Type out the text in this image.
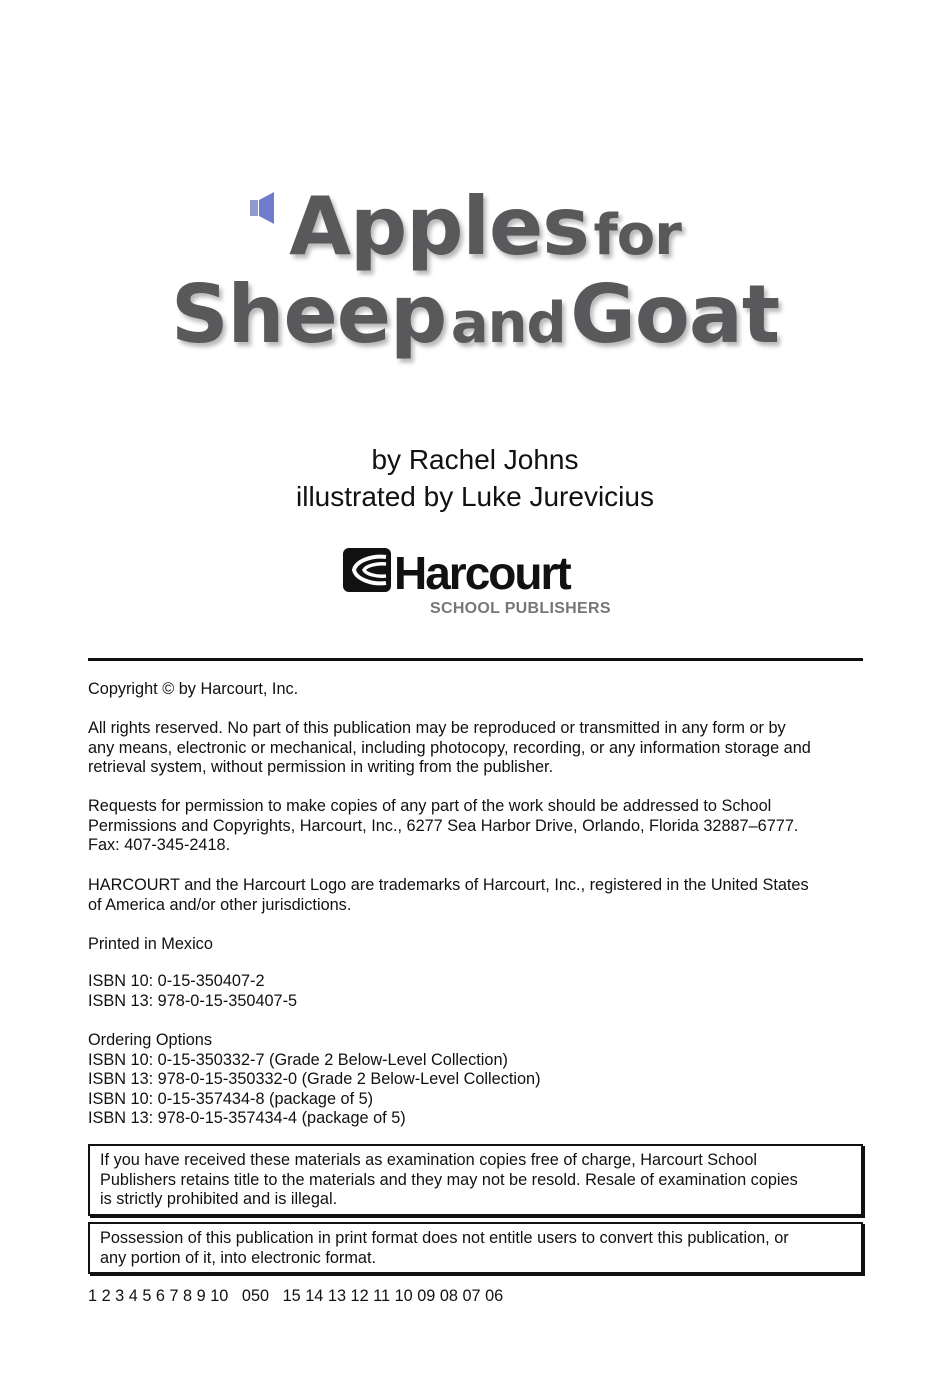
Apples for
Sheep and Goat
by Rachel Johns
illustrated by Luke Jurevicius
Harcourt
SCHOOL PUBLISHERS
Copyright © by Harcourt, Inc.
All rights reserved. No part of this publication may be reproduced or transmitted in any form or by
any means, electronic or mechanical, including photocopy, recording, or any information storage and
retrieval system, without permission in writing from the publisher.
Requests for permission to make copies of any part of the work should be addressed to School
Permissions and Copyrights, Harcourt, Inc., 6277 Sea Harbor Drive, Orlando, Florida 32887–6777.
Fax: 407-345-2418.
HARCOURT and the Harcourt Logo are trademarks of Harcourt, Inc., registered in the United States
of America and/or other jurisdictions.
Printed in Mexico
ISBN 10: 0-15-350407-2
ISBN 13: 978-0-15-350407-5
Ordering Options
ISBN 10: 0-15-350332-7 (Grade 2 Below-Level Collection)
ISBN 13: 978-0-15-350332-0 (Grade 2 Below-Level Collection)
ISBN 10: 0-15-357434-8 (package of 5)
ISBN 13: 978-0-15-357434-4 (package of 5)
If you have received these materials as examination copies free of charge, Harcourt School
Publishers retains title to the materials and they may not be resold. Resale of examination copies
is strictly prohibited and is illegal.
Possession of this publication in print format does not entitle users to convert this publication, or
any portion of it, into electronic format.
1 2 3 4 5 6 7 8 9 10   050   15 14 13 12 11 10 09 08 07 06
